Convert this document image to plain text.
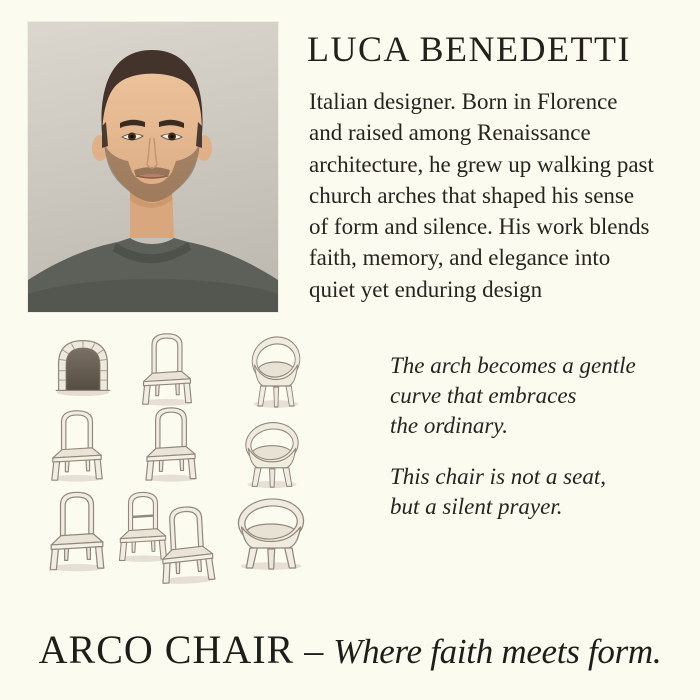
LUCA BENEDETTI
Italian designer. Born in Florence
and raised among Renaissance
architecture, he grew up walking past
church arches that shaped his sense
of form and silence. His work blends
faith, memory, and elegance into
quiet yet enduring design
The arch becomes a gentle
curve that embraces
the ordinary.
This chair is not a seat,
but a silent prayer.
ARCO CHAIR – Where faith meets form.
